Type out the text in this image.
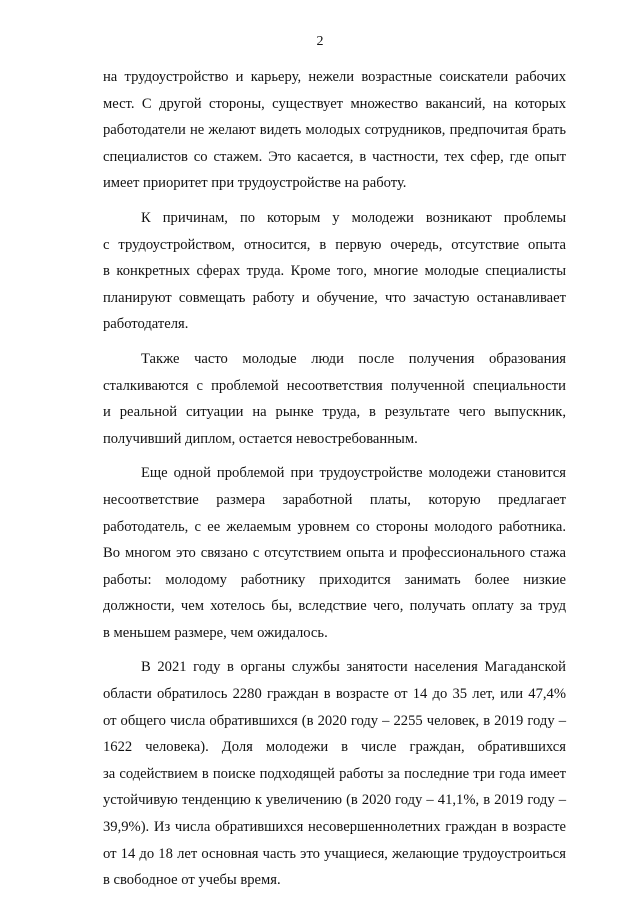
2
на трудоустройство и карьеру, нежели возрастные соискатели рабочих
мест. С другой стороны, существует множество вакансий, на которых
работодатели не желают видеть молодых сотрудников, предпочитая брать
специалистов со стажем. Это касается, в частности, тех сфер, где опыт
имеет приоритет при трудоустройстве на работу.
К причинам, по которым у молодежи возникают проблемы
с трудоустройством, относится, в первую очередь, отсутствие опыта
в конкретных сферах труда. Кроме того, многие молодые специалисты
планируют совмещать работу и обучение, что зачастую останавливает
работодателя.
Также часто молодые люди после получения образования
сталкиваются с проблемой несоответствия полученной специальности
и реальной ситуации на рынке труда, в результате чего выпускник,
получивший диплом, остается невостребованным.
Еще одной проблемой при трудоустройстве молодежи становится
несоответствие размера заработной платы, которую предлагает
работодатель, с ее желаемым уровнем со стороны молодого работника.
Во многом это связано с отсутствием опыта и профессионального стажа
работы: молодому работнику приходится занимать более низкие
должности, чем хотелось бы, вследствие чего, получать оплату за труд
в меньшем размере, чем ожидалось.
В 2021 году в органы службы занятости населения Магаданской
области обратилось 2280 граждан в возрасте от 14 до 35 лет, или 47,4%
от общего числа обратившихся (в 2020 году – 2255 человек, в 2019 году –
1622 человека). Доля молодежи в числе граждан, обратившихся
за содействием в поиске подходящей работы за последние три года имеет
устойчивую тенденцию к увеличению (в 2020 году – 41,1%, в 2019 году –
39,9%). Из числа обратившихся несовершеннолетних граждан в возрасте
от 14 до 18 лет основная часть это учащиеся, желающие трудоустроиться
в свободное от учебы время.
